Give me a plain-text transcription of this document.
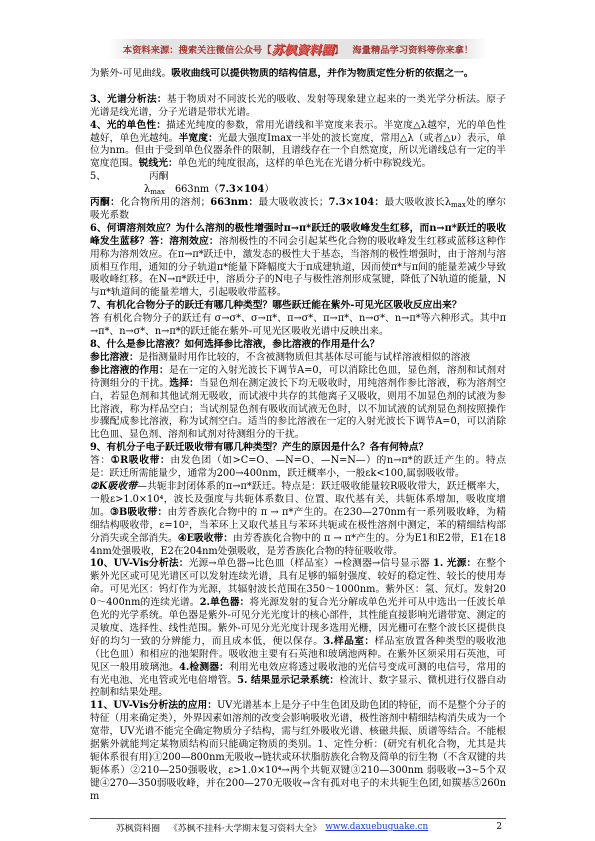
本资料来源：搜索关注微信公众号【 苏枫资料圈 】 海量精品学习资料等你来拿！

为紫外-可见曲线。吸收曲线可以提供物质的结构信息，并作为物质定性分析的依据之一。

3、光谱分析法：基于物质对不同波长光的吸收、发射等现象建立起来的一类光学分析法。原子光谱是线光谱，分子光谱是带状光谱。

4、光的单色性：描述光纯度的参数，常用光谱线和半宽度来表示。半宽度△λ越窄，光的单色性越好，单色光越纯。半宽度：光最大强度Imax一半处的波长宽度，常用△λ（或者△ν）表示，单位为nm。但由于受到单色仪器条件的限制，且谱线存在一个自然宽度，所以光谱线总有一定的半宽度范围。锐线光：单色光的纯度很高，这样的单色光在光谱分析中称锐线光。

5、	丙酮

$\lambda_{max}$ 663nm（7.3×104）

丙酮：化合物所用的溶剂；663nm：最大吸收波长；7.3×104：最大吸收波长$\lambda_{max}$处的摩尔吸光系数

6、何谓溶剂效应？为什么溶剂的极性增强时π→π*跃迁的吸收峰发生红移，而n→π*跃迁的吸收峰发生蓝移？答：溶剂效应：溶剂极性的不同会引起某些化合物的吸收峰发生红移或蓝移这种作用称为溶剂效应。在π→π*跃迁中，激发态的极性大于基态，当溶剂的极性增强时，由于溶剂与溶质相互作用，通知的分子轨道π*能量下降幅度大于π成建轨道，因而使π*与π间的能量差减少导致吸收峰红移。在N→π*跃迁中，溶质分子的N电子与极性溶剂形成氢键，降低了N轨道的能量，N与π*轨道间的能量差增大，引起吸收带蓝移。

7、有机化合物分子的跃迁有哪几种类型？哪些跃迁能在紫外-可见光区吸收反应出来？

答 有机化合物分子的跃迁有 σ→σ*、σ→π*、π→σ*、π→π*、n→σ*、n→π*等六种形式。其中π→π*、n→σ*、n→π*的跃迁能在紫外-可见光区吸收光谱中反映出来。

8、什么是参比溶液？如何选择参比溶液，参比溶液的作用是什么？

参比溶液：是指测量时用作比较的，不含被测物质但其基体尽可能与试样溶液相似的溶液

参比溶液的作用：是在一定的入射光波长下调节A=0，可以消除比色皿，显色剂，溶剂和试剂对待测组分的干扰。选择：当显色剂在测定波长下均无吸收时，用纯溶剂作参比溶液，称为溶剂空白，若显色剂和其他试剂无吸收，而试液中共存的其他离子又吸收，则用不加显色剂的试液为参比溶液，称为样品空白；当试剂显色剂有吸收而试液无色时，以不加试液的试剂显色剂按照操作步骤配成参比溶液，称为试剂空白。适当的参比溶液在一定的入射光波长下调节A=0，可以消除比色皿、显色剂、溶剂和试剂对待测组分的干扰。

9、有机分子电子跃迁吸收带有哪几种类型？产生的原因是什么？各有何特点？

答：①R吸收带：由发色团（如>C=O、—N=O、—N=N—）的n→π*的跃迁产生的。特点是：跃迁所需能量少，通常为200→400nm，跃迁概率小，一般εk<100,属弱吸收带。

②K吸收带—共轭非封闭体系的π→π*跃迁。特点是：跃迁吸收能量较R吸收带大，跃迁概率大，一般ε>1.0×10⁴，波长及强度与共轭体系数目、位置、取代基有关，共轭体系增加，吸收度增加。③B吸收带：由芳香族化合物中的 π → π*产生的。在230—270nm有一系列吸收峰，为精细结构吸收带，ε=10²，当苯环上又取代基且与苯环共轭或在极性溶剂中测定，苯的精细结构部分消失或全部消失。④E吸收带：由芳香族化合物中的 π → π*产生的。分为E1和E2带，E1在184nm处强吸收，E2在204nm处强吸收，是芳香族化合物的特征吸收带。

10、UV-Vis分析法：光源→单色器→比色皿（样品室）→检测器→信号显示器 1. 光源：在整个紫外光区或可见光谱区可以发射连续光谱，具有足够的辐射强度、较好的稳定性、较长的使用寿命。可见光区：钨灯作为光源，其辐射波长范围在350～1000nm。紫外区：氢、氘灯。发射200～400nm的连续光谱。2.单色器：将光源发射的复合光分解成单色光并可从中选出一任波长单色光的光学系统。单色器是紫外-可见分光光度计的核心部件，其性能直接影响光谱带宽、测定的灵敏度、选择性、线性范围。紫外-可见分光光度计现多选用光栅，因光栅可在整个波长区提供良好的均匀一致的分辨能力，而且成本低，便以保存。3.样品室：样品室放置各种类型的吸收池（比色皿）和相应的池架附件。吸收池主要有石英池和玻璃池两种。在紫外区须采用石英池，可见区一般用玻璃池。4.检测器：利用光电效应将透过吸收池的光信号变成可测的电信号，常用的有光电池、光电管或光电倍增管。5. 结果显示记录系统：检流计、数字显示、微机进行仪器自动控制和结果处理。

11、UV-Vis分析法的应用：UV光谱基本上是分子中生色团及助色团的特征，而不是整个分子的特征（用来确定类），外界因素如溶剂的改变会影响吸收光谱，极性溶剂中精细结构消失成为一个宽带，UV光谱不能完全确定物质分子结构，需与红外吸收光谱、核磁共振、质谱等结合。不能根据紫外就能判定某物质结构而只能确定物质的类别。1、定性分析：(研究有机化合物，尤其是共轭体系很有用)①200—800nm无吸收→链状或环状脂肪族化合物及简单的衍生物（不含双键的共轭体系）②210—250强吸收，ε>1.0×10⁴→两个共轭双键③210—300nm 弱吸收→3~5个双键④270—350弱吸收峰，并在200—270无吸收→含有孤对电子的未共轭生色团,如羰基⑤260nm

苏枫资料圈 《苏枫不挂科·大学期末复习资料大全》 www.daxuebuguake.cn	2
